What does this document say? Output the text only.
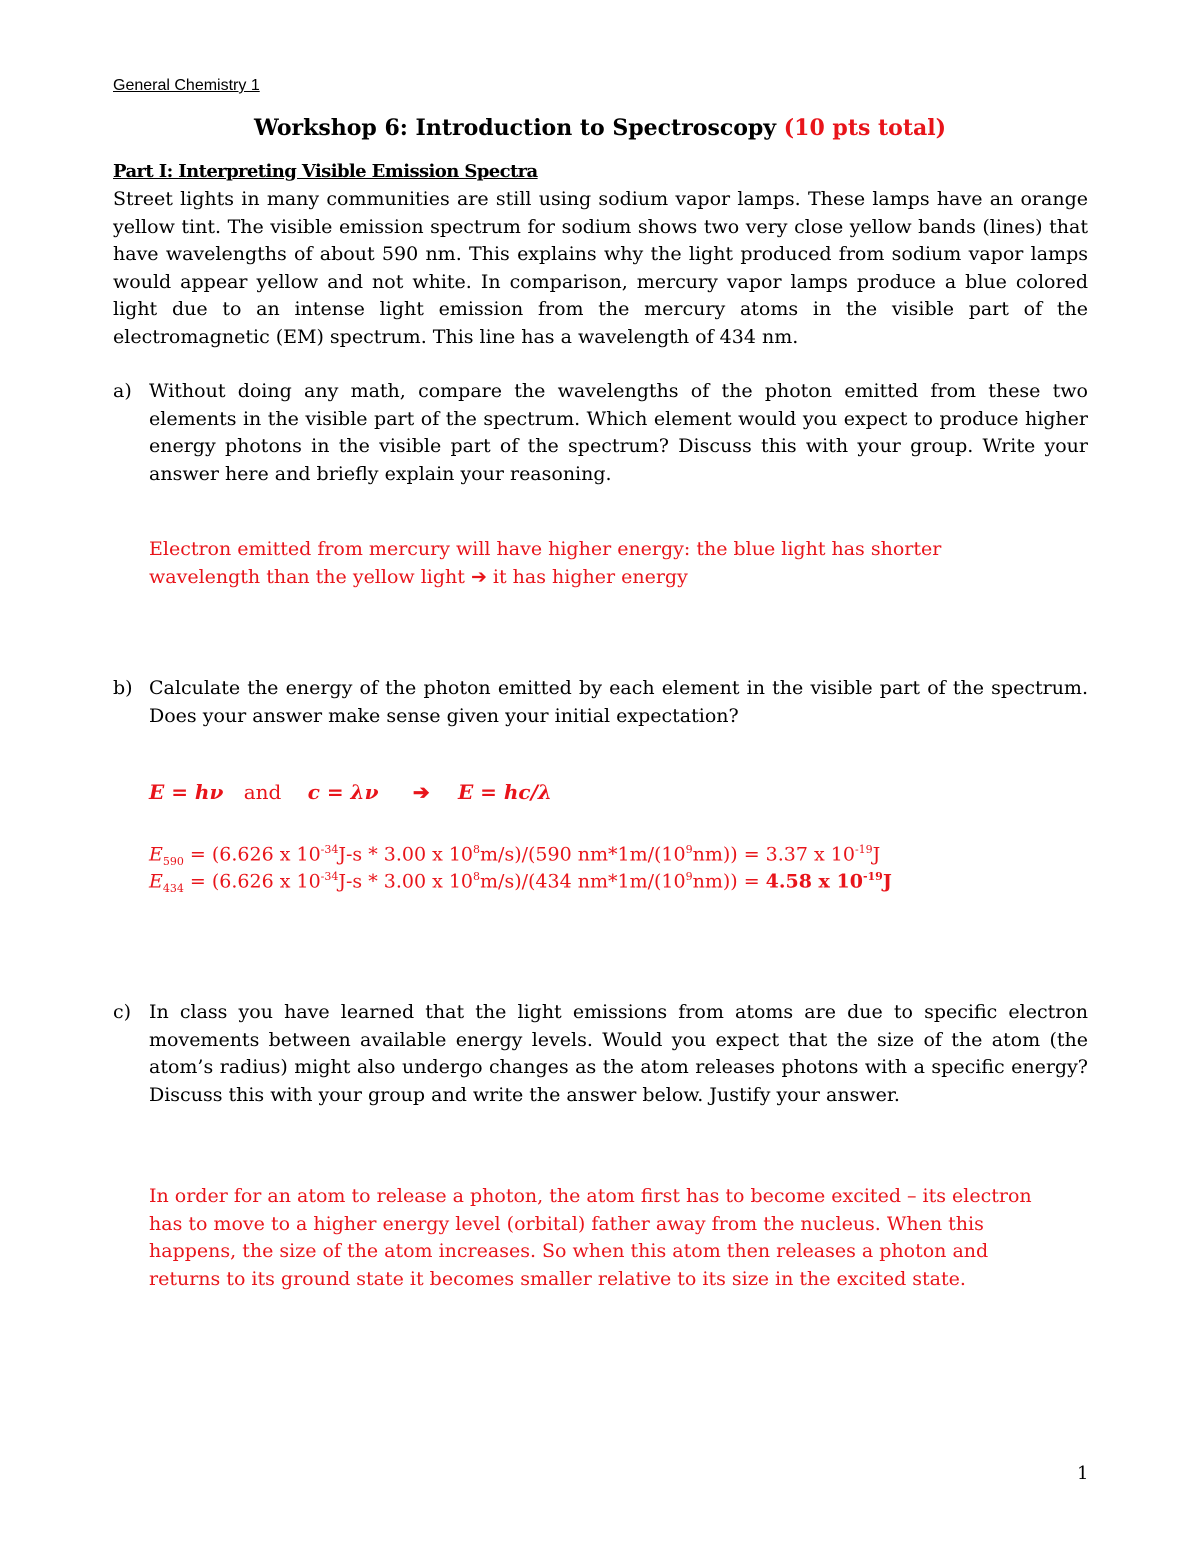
General Chemistry 1
Workshop 6: Introduction to Spectroscopy (10 pts total)
Part I: Interpreting Visible Emission Spectra
Street lights in many communities are still using sodium vapor lamps. These lamps have an orange yellow tint. The visible emission spectrum for sodium shows two very close yellow bands (lines) that have wavelengths of about 590 nm. This explains why the light produced from sodium vapor lamps would appear yellow and not white. In comparison, mercury vapor lamps produce a blue colored light due to an intense light emission from the mercury atoms in the visible part of the electromagnetic (EM) spectrum. This line has a wavelength of 434 nm.
a) Without doing any math, compare the wavelengths of the photon emitted from these two elements in the visible part of the spectrum. Which element would you expect to produce higher energy photons in the visible part of the spectrum? Discuss this with your group. Write your answer here and briefly explain your reasoning.
Electron emitted from mercury will have higher energy: the blue light has shorter
wavelength than the yellow light ➔ it has higher energy
b) Calculate the energy of the photon emitted by each element in the visible part of the spectrum. Does your answer make sense given your initial expectation?
E = hν and c = λν ➔ E = hc/λ
$E_{590} = (6.626$ x $10^{-34}J-s * 3.00$ x $10^8m/s)/(590$ $nm*1m/(10^9nm)) = 3.37$ x $10^{-19}J$
$E_{434} = (6.626$ x $10^{-34}J-s * 3.00$ x $10^8m/s)/(434$ $nm*1m/(10^9nm)) = 4.58$ x $10^{-19}J$
c) In class you have learned that the light emissions from atoms are due to specific electron movements between available energy levels. Would you expect that the size of the atom (the atom’s radius) might also undergo changes as the atom releases photons with a specific energy? Discuss this with your group and write the answer below. Justify your answer.
In order for an atom to release a photon, the atom first has to become excited – its electron
has to move to a higher energy level (orbital) father away from the nucleus. When this
happens, the size of the atom increases. So when this atom then releases a photon and
returns to its ground state it becomes smaller relative to its size in the excited state.
1
